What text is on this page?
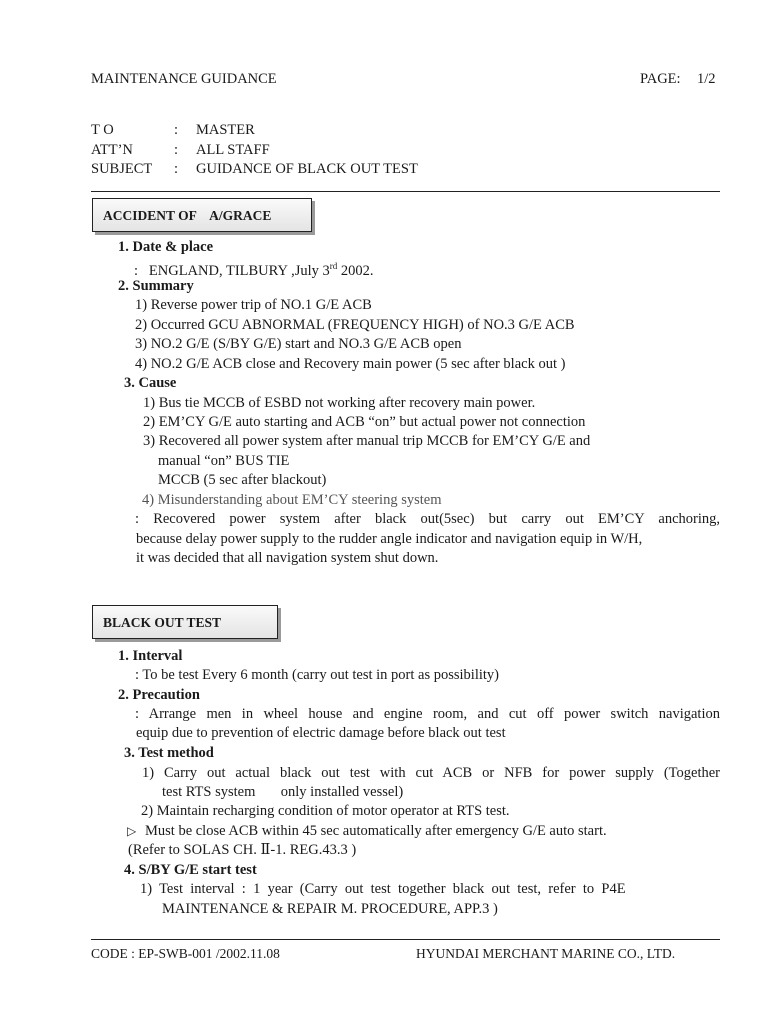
MAINTENANCE GUIDANCE	PAGE: 1/2
T O	: MASTER
ATT’N	: ALL STAFF
SUBJECT : GUIDANCE OF BLACK OUT TEST
ACCIDENT OF    A/GRACE
1. Date & place
:   ENGLAND, TILBURY ,July 3rd 2002.
2. Summary
1) Reverse power trip of NO.1 G/E ACB
2) Occurred GCU ABNORMAL (FREQUENCY HIGH) of NO.3 G/E ACB
3) NO.2 G/E (S/BY G/E) start and NO.3 G/E ACB open
4) NO.2 G/E ACB close and Recovery main power (5 sec after black out )
3. Cause
1) Bus tie MCCB of ESBD not working after recovery main power.
2) EM’CY G/E auto starting and ACB “on” but actual power not connection
3) Recovered all power system after manual trip MCCB for EM’CY G/E and
manual “on” BUS TIE
MCCB (5 sec after blackout)
4) Misunderstanding about EM’CY steering system
: Recovered power system after black out(5sec) but carry out EM’CY anchoring,
because delay power supply to the rudder angle indicator and navigation equip in W/H,
it was decided that all navigation system shut down.
BLACK OUT TEST
1. Interval
: To be test Every 6 month (carry out test in port as possibility)
2. Precaution
: Arrange men in wheel house and engine room, and cut off power switch navigation
equip due to prevention of electric damage before black out test
3. Test method
1) Carry out actual black out test with cut ACB or NFB for power supply (Together
test RTS system       only installed vessel)
2) Maintain recharging condition of motor operator at RTS test.
▷ Must be close ACB within 45 sec automatically after emergency G/E auto start.
(Refer to SOLAS CH. Ⅱ-1. REG.43.3 )
4. S/BY G/E start test
1)  Test  interval  :  1  year  (Carry  out  test  together  black  out  test,  refer  to  P4E
MAINTENANCE & REPAIR M. PROCEDURE, APP.3 )
CODE : EP-SWB-001 /2002.11.08	HYUNDAI MERCHANT MARINE CO., LTD.
